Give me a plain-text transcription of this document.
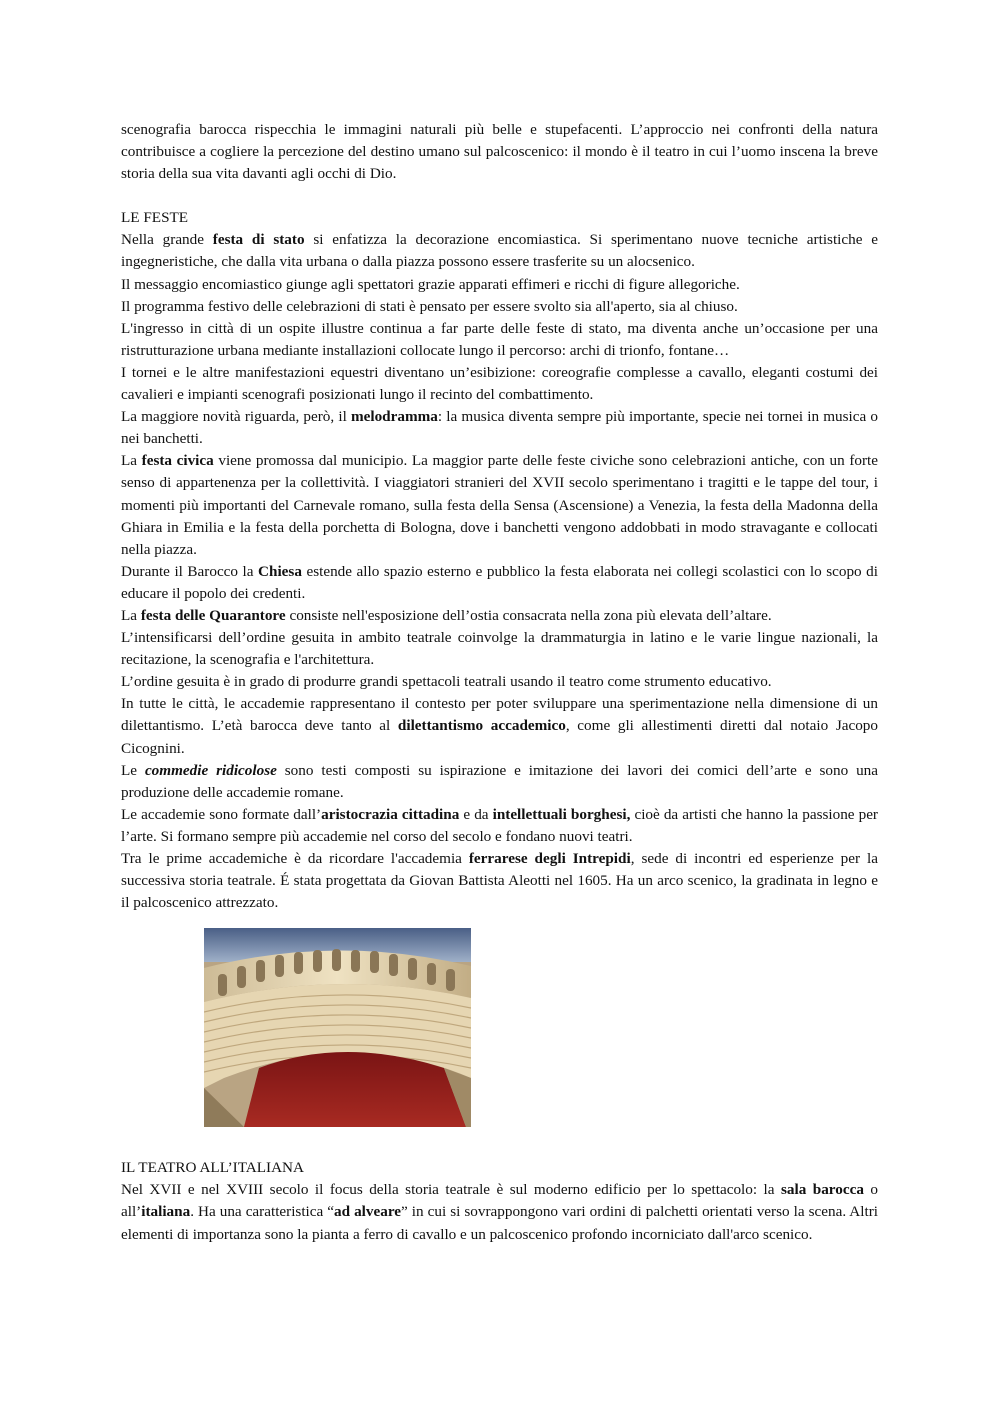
scenografia barocca rispecchia le immagini naturali più belle e stupefacenti. L’approccio nei confronti della natura contribuisce a cogliere la percezione del destino umano sul palcoscenico: il mondo è il teatro in cui l’uomo inscena la breve storia della sua vita davanti agli occhi di Dio.

LE FESTE

Nella grande festa di stato si enfatizza la decorazione encomiastica. Si sperimentano nuove tecniche artistiche e ingegneristiche, che dalla vita urbana o dalla piazza possono essere trasferite su un alocsenico.

Il messaggio encomiastico giunge agli spettatori grazie apparati effimeri e ricchi di figure allegoriche.

Il programma festivo delle celebrazioni di stati è pensato per essere svolto sia all'aperto, sia al chiuso.

L'ingresso in città di un ospite illustre continua a far parte delle feste di stato, ma diventa anche un’occasione per una ristrutturazione urbana mediante installazioni collocate lungo il percorso: archi di trionfo, fontane…

I tornei e le altre manifestazioni equestri diventano un’esibizione: coreografie complesse a cavallo, eleganti costumi dei cavalieri e impianti scenografi posizionati lungo il recinto del combattimento.

La maggiore novità riguarda, però, il melodramma: la musica diventa sempre più importante, specie nei tornei in musica o nei banchetti.

La festa civica viene promossa dal municipio. La maggior parte delle feste civiche sono celebrazioni antiche, con un forte senso di appartenenza per la collettività. I viaggiatori stranieri del XVII secolo sperimentano i tragitti e le tappe del tour, i momenti più importanti del Carnevale romano, sulla festa della Sensa (Ascensione) a Venezia, la festa della Madonna della Ghiara in Emilia e la festa della porchetta di Bologna, dove i banchetti vengono addobbati in modo stravagante e collocati nella piazza.

Durante il Barocco la Chiesa estende allo spazio esterno e pubblico la festa elaborata nei collegi scolastici con lo scopo di educare il popolo dei credenti.

La festa delle Quarantore consiste nell'esposizione dell’ostia consacrata nella zona più elevata dell’altare.

L’intensificarsi dell’ordine gesuita in ambito teatrale coinvolge la drammaturgia in latino e le varie lingue nazionali, la recitazione, la scenografia e l'architettura.

L’ordine gesuita è in grado di produrre grandi spettacoli teatrali usando il teatro come strumento educativo.

In tutte le città, le accademie rappresentano il contesto per poter sviluppare una sperimentazione nella dimensione di un dilettantismo. L’età barocca deve tanto al dilettantismo accademico, come gli allestimenti diretti dal notaio Jacopo Cicognini.

Le commedie ridicolose sono testi composti su ispirazione e imitazione dei lavori dei comici dell’arte e sono una produzione delle accademie romane.

Le accademie sono formate dall’aristocrazia cittadina e da intellettuali borghesi, cioè da artisti che hanno la passione per l’arte. Si formano sempre più accademie nel corso del secolo e fondano nuovi teatri.

Tra le prime accademiche è da ricordare l'accademia ferrarese degli Intrepidi, sede di incontri ed esperienze per la successiva storia teatrale. É stata progettata da Giovan Battista Aleotti nel 1605. Ha un arco scenico, la gradinata in legno e il palcoscenico attrezzato.

IL TEATRO ALL’ITALIANA

Nel XVII e nel XVIII secolo il focus della storia teatrale è sul moderno edificio per lo spettacolo: la sala barocca o all’italiana. Ha una caratteristica “ad alveare” in cui si sovrappongono vari ordini di palchetti orientati verso la scena. Altri elementi di importanza sono la pianta a ferro di cavallo e un palcoscenico profondo incorniciato dall'arco scenico.
